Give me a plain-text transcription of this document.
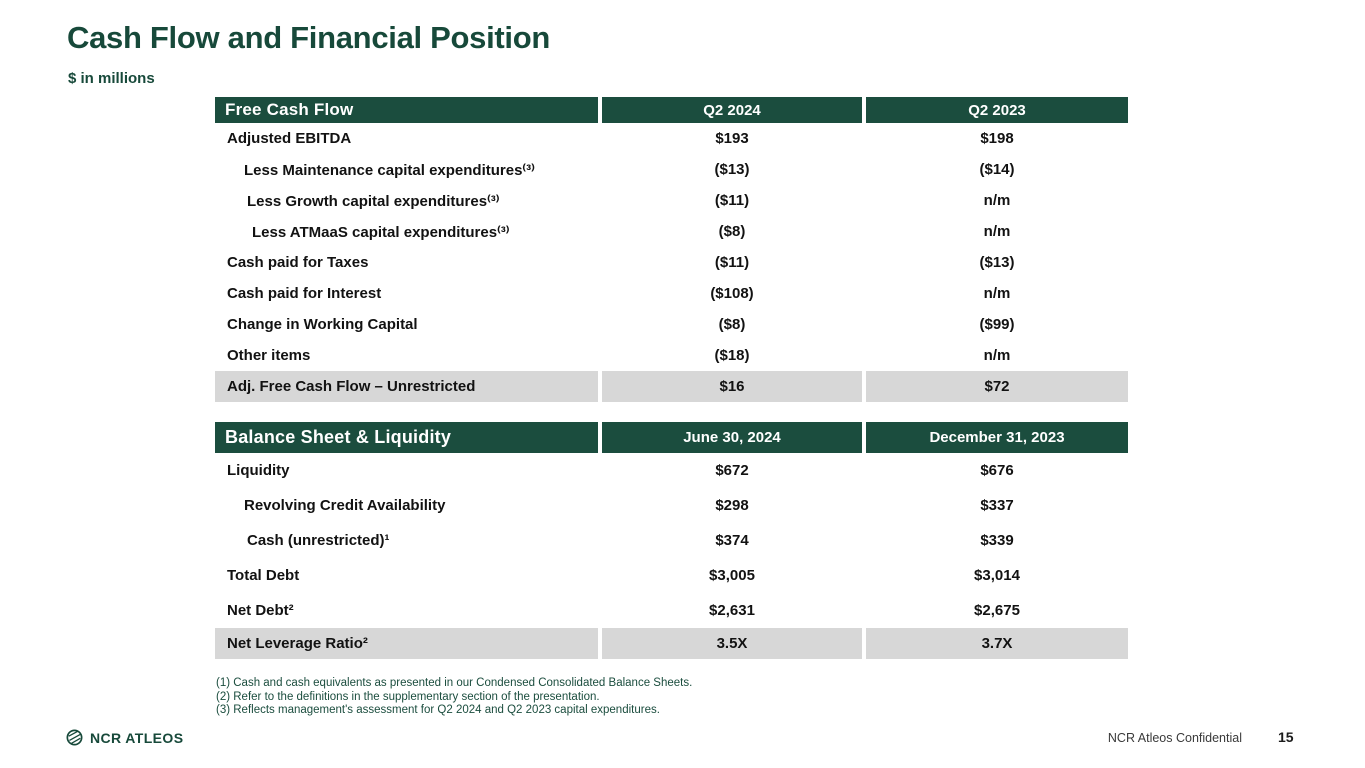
Cash Flow and Financial Position
$ in millions
Free Cash Flow	Q2 2024	Q2 2023
Adjusted EBITDA	$193	$198
Less Maintenance capital expenditures⁽³⁾	($13)	($14)
Less Growth capital expenditures⁽³⁾	($11)	n/m
Less ATMaaS capital expenditures⁽³⁾	($8)	n/m
Cash paid for Taxes	($11)	($13)
Cash paid for Interest	($108)	n/m
Change in Working Capital	($8)	($99)
Other items	($18)	n/m
Adj. Free Cash Flow – Unrestricted	$16	$72
Balance Sheet & Liquidity	June 30, 2024	December 31, 2023
Liquidity	$672	$676
Revolving Credit Availability	$298	$337
Cash (unrestricted)¹	$374	$339
Total Debt	$3,005	$3,014
Net Debt²	$2,631	$2,675
Net Leverage Ratio²	3.5X	3.7X
(1) Cash and cash equivalents as presented in our Condensed Consolidated Balance Sheets.
(2) Refer to the definitions in the supplementary section of the presentation.
(3) Reflects management's assessment for Q2 2024 and Q2 2023 capital expenditures.
NCR ATLEOS	NCR Atleos Confidential	15
